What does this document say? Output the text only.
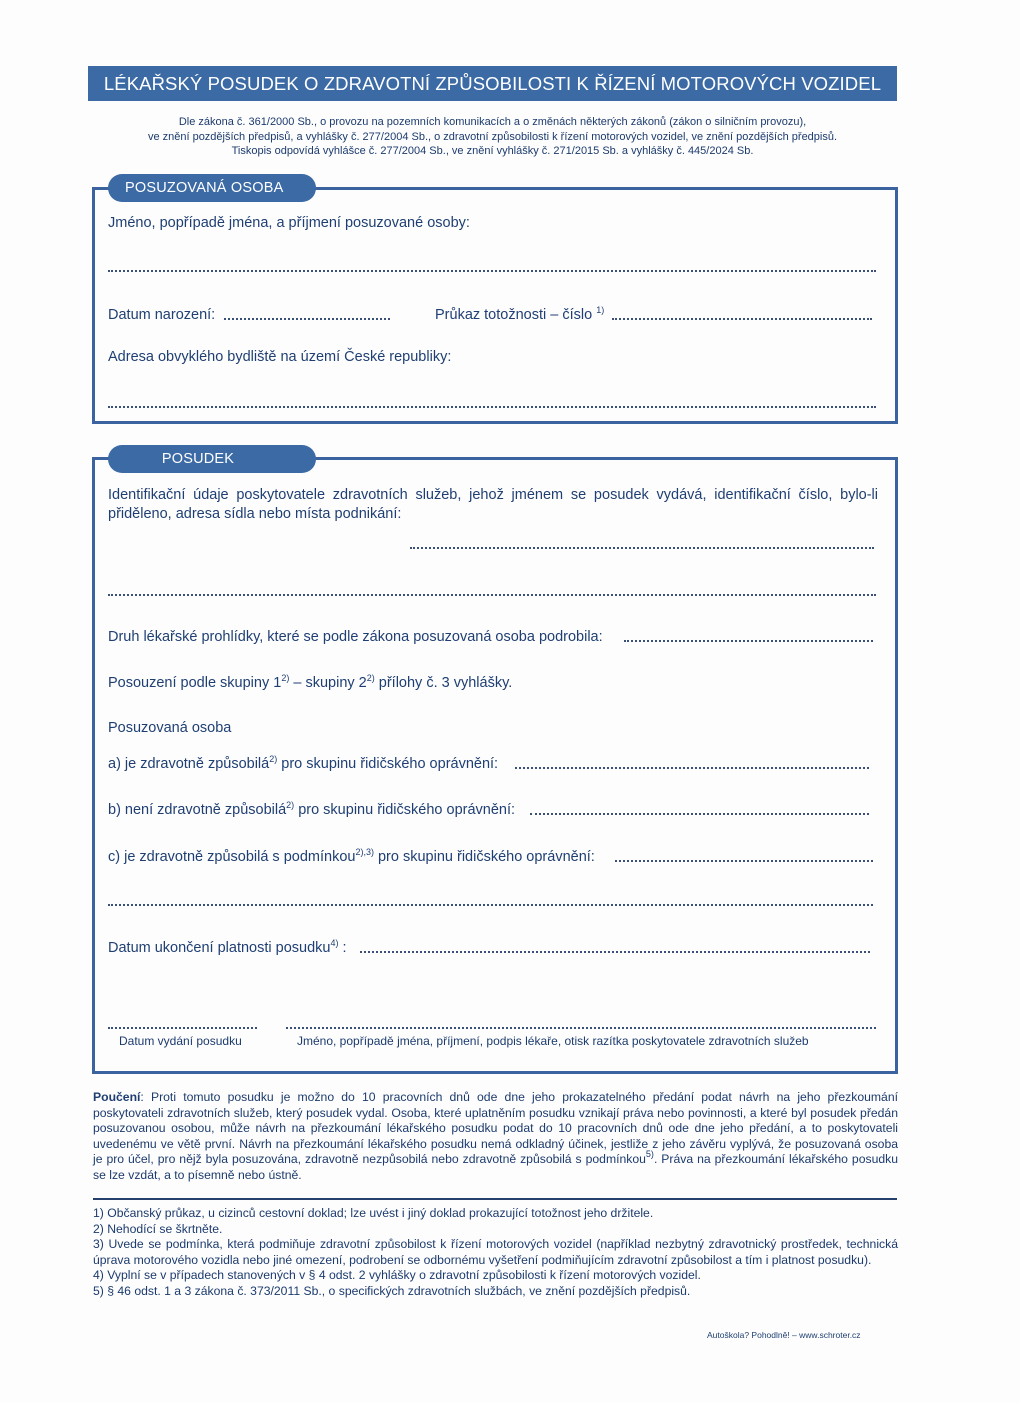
LÉKAŘSKÝ POSUDEK O ZDRAVOTNÍ ZPŮSOBILOSTI K ŘÍZENÍ MOTOROVÝCH VOZIDEL
Dle zákona č. 361/2000 Sb., o provozu na pozemních komunikacích a o změnách některých zákonů (zákon o silničním provozu),
ve znění pozdějších předpisů, a vyhlášky č. 277/2004 Sb., o zdravotní způsobilosti k řízení motorových vozidel, ve znění pozdějších předpisů.
Tiskopis odpovídá vyhlášce č. 277/2004 Sb., ve znění vyhlášky č. 271/2015 Sb. a vyhlášky č. 445/2024 Sb.
POSUZOVANÁ OSOBA
Jméno, popřípadě jména, a příjmení posuzované osoby:
Datum narození:	Průkaz totožnosti – číslo $^{1)}$
Adresa obvyklého bydliště na území České republiky:
POSUDEK
Identifikační údaje poskytovatele zdravotních služeb, jehož jménem se posudek vydává, identifikační číslo, bylo-li přiděleno, adresa sídla nebo místa podnikání:
Druh lékařské prohlídky, které se podle zákona posuzovaná osoba podrobila:
Posouzení podle skupiny 1$^{2)}$ – skupiny 2$^{2)}$ přílohy č. 3 vyhlášky.
Posuzovaná osoba
a) je zdravotně způsobilá$^{2)}$ pro skupinu řidičského oprávnění:
b) není zdravotně způsobilá$^{2)}$ pro skupinu řidičského oprávnění:
c) je zdravotně způsobilá s podmínkou$^{2),3)}$ pro skupinu řidičského oprávnění:
Datum ukončení platnosti posudku$^{4)}$ :
Datum vydání posudku	Jméno, popřípadě jména, příjmení, podpis lékaře, otisk razítka poskytovatele zdravotních služeb
Poučení: Proti tomuto posudku je možno do 10 pracovních dnů ode dne jeho prokazatelného předání podat návrh na jeho přezkoumání poskytovateli zdravotních služeb, který posudek vydal. Osoba, které uplatněním posudku vznikají práva nebo povinnosti, a které byl posudek předán posuzovanou osobou, může návrh na přezkoumání lékařského posudku podat do 10 pracovních dnů ode dne jeho předání, a to poskytovateli uvedenému ve větě první. Návrh na přezkoumání lékařského posudku nemá odkladný účinek, jestliže z jeho závěru vyplývá, že posuzovaná osoba je pro účel, pro nějž byla posuzována, zdravotně nezpůsobilá nebo zdravotně způsobilá s podmínkou$^{5)}$. Práva na přezkoumání lékařského posudku se lze vzdát, a to písemně nebo ústně.
1) Občanský průkaz, u cizinců cestovní doklad; lze uvést i jiný doklad prokazující totožnost jeho držitele.
2) Nehodící se škrtněte.
3) Uvede se podmínka, která podmiňuje zdravotní způsobilost k řízení motorových vozidel (například nezbytný zdravotnický prostředek, technická úprava motorového vozidla nebo jiné omezení, podrobení se odbornému vyšetření podmiňujícím zdravotní způsobilost a tím i platnost posudku).
4) Vyplní se v případech stanovených v § 4 odst. 2 vyhlášky o zdravotní způsobilosti k řízení motorových vozidel.
5) § 46 odst. 1 a 3 zákona č. 373/2011 Sb., o specifických zdravotních službách, ve znění pozdějších předpisů.
Autoškola? Pohodlně! – www.schroter.cz
